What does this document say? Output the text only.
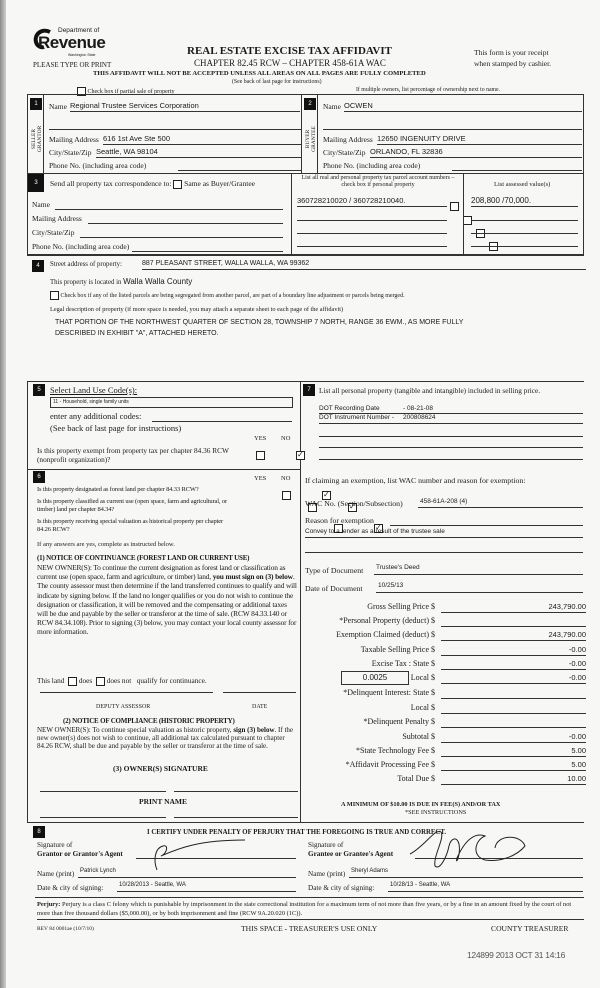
Department of
Revenue
Washington State
PLEASE TYPE OR PRINT
REAL ESTATE EXCISE TAX AFFIDAVIT
CHAPTER 82.45 RCW – CHAPTER 458-61A WAC
This form is your receipt
when stamped by cashier.
THIS AFFIDAVIT WILL NOT BE ACCEPTED UNLESS ALL AREAS ON ALL PAGES ARE FULLY COMPLETED
(See back of last page for instructions)
Check box if partial sale of property	If multiple owners, list percentage of ownership next to name.
1
SELLER GRANTOR
Name Regional Trustee Services Corporation
Mailing Address 616 1st Ave Ste 500
City/State/Zip Seattle, WA 98104
Phone No. (including area code)
2
BUYER GRANTEE
Name OCWEN
Mailing Address 12650 INGENUITY DRIVE
City/State/Zip ORLANDO, FL 32836
Phone No. (including area code)
3	Send all property tax correspondence to: Same as Buyer/Grantee
Name
Mailing Address
City/State/Zip
Phone No. (including area code)
List all real and personal property tax parcel account numbers – check box if personal property
360728210020 / 360728210040.

List assessed value(s)
208,800 /70,000.
4	Street address of property:	887 PLEASANT STREET, WALLA WALLA, WA 99362
This property is located in Walla Walla County
Check box if any of the listed parcels are being segregated from another parcel, are part of a boundary line adjustment or parcels being merged.
Legal description of property (if more space is needed, you may attach a separate sheet to each page of the affidavit)
THAT PORTION OF THE NORTHWEST QUARTER OF SECTION 28, TOWNSHIP 7 NORTH, RANGE 36 EWM., AS MORE FULLY
DESCRIBED IN EXHIBIT "A", ATTACHED HERETO.
5	Select Land Use Code(s):
11 - Household, single family units
enter any additional codes:
(See back of last page for instructions)
YES NO
Is this property exempt from property tax per chapter 84.36 RCW (nonprofit organization)?
✓
6	YES NO
Is this property designated as forest land per chapter 84.33 RCW?
✓
Is this property classified as current use (open space, farm and agricultural, or timber) land per chapter 84.34?
✓
Is this property receiving special valuation as historical property per chapter 84.26 RCW?
✓
If any answers are yes, complete as instructed below.
(1) NOTICE OF CONTINUANCE (FOREST LAND OR CURRENT USE)
NEW OWNER(S): To continue the current designation as forest land or classification as current use (open space, farm and agriculture, or timber) land, you must sign on (3) below. The county assessor must then determine if the land transferred continues to qualify and will indicate by signing below. If the land no longer qualifies or you do not wish to continue the designation or classification, it will be removed and the compensating or additional taxes will be due and payable by the seller or transferor at the time of sale. (RCW 84.33.140 or RCW 84.34.108). Prior to signing (3) below, you may contact your local county assessor for more information.
This land does does not qualify for continuance.
DEPUTY ASSESSOR	DATE
(2) NOTICE OF COMPLIANCE (HISTORIC PROPERTY)
NEW OWNER(S): To continue special valuation as historic property, sign (3) below. If the new owner(s) does not wish to continue, all additional tax calculated pursuant to chapter 84.26 RCW, shall be due and payable by the seller or transferor at the time of sale.
(3) OWNER(S) SIGNATURE
PRINT NAME
7	List all personal property (tangible and intangible) included in selling price.
DOT Recording Date	- 08-21-08
DOT Instrument Number - 200808624
If claiming an exemption, list WAC number and reason for exemption:
WAC No. (Section/Subsection)	458-61A-208 (4)
Reason for exemption
Convey to a lender as a result of the trustee sale
Type of Document	Trustee's Deed
Date of Document	10/25/13
Gross Selling Price $	243,790.00
*Personal Property (deduct) $
Exemption Claimed (deduct) $	243,790.00
Taxable Selling Price $	-0.00
Excise Tax : State $	-0.00
0.0025	Local $	-0.00
*Delinquent Interest: State $
Local $
*Delinquent Penalty $
Subtotal $	-0.00
*State Technology Fee $	5.00
*Affidavit Processing Fee $	5.00
Total Due $	10.00
A MINIMUM OF $10.00 IS DUE IN FEE(S) AND/OR TAX
*SEE INSTRUCTIONS
8	I CERTIFY UNDER PENALTY OF PERJURY THAT THE FOREGOING IS TRUE AND CORRECT.
Signature of
Grantor or Grantor's Agent
Name (print) Patrick Lynch
Date & city of signing:	10/28/2013 - Seattle, WA
Signature of
Grantee or Grantee's Agent
Name (print) Sheryl Adams
Date & city of signing:	10/28/13 - Seattle, WA
Perjury: Perjury is a class C felony which is punishable by imprisonment in the state correctional institution for a maximum term of not more than five years, or by a fine in an amount fixed by the court of not more than five thousand dollars ($5,000.00), or by both imprisonment and fine (RCW 9A.20.020 (1C)).
REV 84 0001ae (10/7/10)	THIS SPACE - TREASURER'S USE ONLY	COUNTY TREASURER
124899 2013 OCT 31 14:16
